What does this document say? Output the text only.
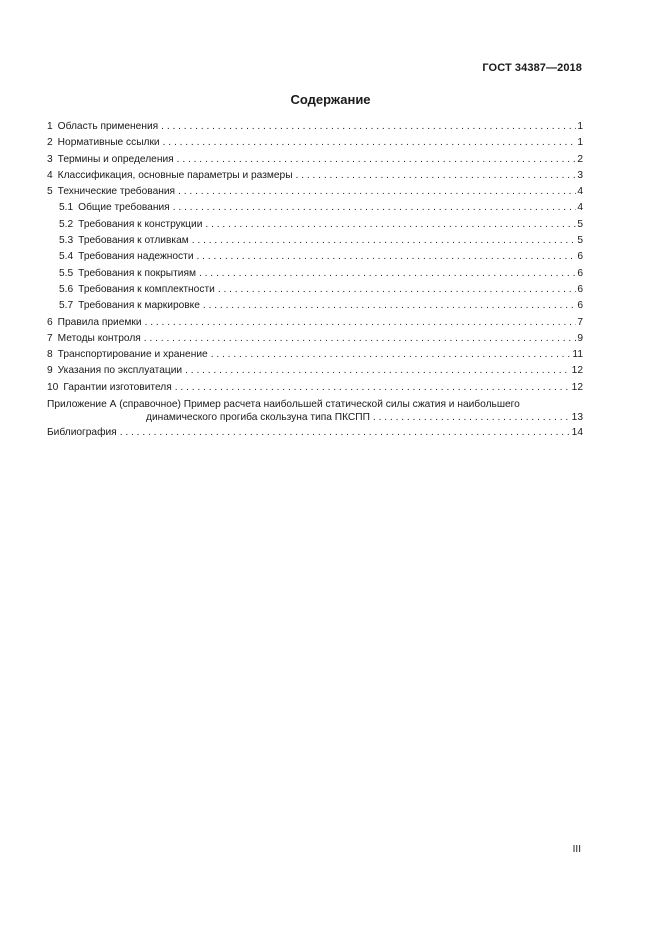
ГОСТ 34387—2018
Содержание
1 Область применения . . .	1
2 Нормативные ссылки . . .	1
3 Термины и определения . . .	2
4 Классификация, основные параметры и размеры . . .	3
5 Технические требования . . .	4
5.1 Общие требования . . .	4
5.2 Требования к конструкции . . .	5
5.3 Требования к отливкам . . .	5
5.4 Требования надежности . . .	6
5.5 Требования к покрытиям . . .	6
5.6 Требования к комплектности . . .	6
5.7 Требования к маркировке . . .	6
6 Правила приемки . . .	7
7 Методы контроля . . .	9
8 Транспортирование и хранение . . .	11
9 Указания по эксплуатации . . .	12
10 Гарантии изготовителя . . .	12
Приложение А (справочное) Пример расчета наибольшей статической силы сжатия и наибольшего
динамического прогиба скользуна типа ПКСПП . . .	13
Библиография . . .	14
III
